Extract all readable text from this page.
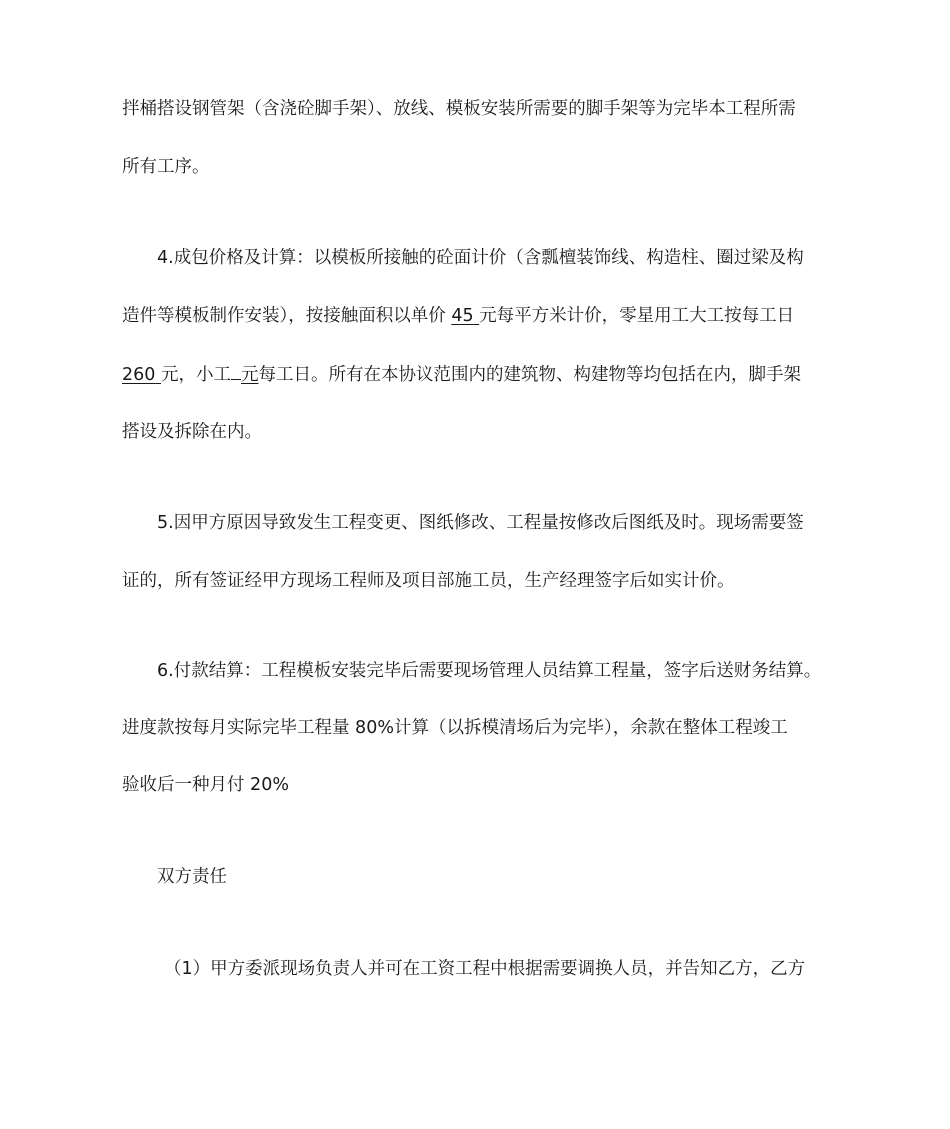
拌桶搭设钢管架（含浇砼脚手架）、放线、模板安装所需要的脚手架等为完毕本工程所需
所有工序。
4.成包价格及计算：以模板所接触的砼面计价（含瓢檀装饰线、构造柱、圈过梁及构
造件等模板制作安装），按接触面积以单价 45 元每平方米计价，零星用工大工按每工日
260 元，小工 元每工日。所有在本协议范围内的建筑物、构建物等均包括在内，脚手架
搭设及拆除在内。
5.因甲方原因导致发生工程变更、图纸修改、工程量按修改后图纸及时。现场需要签
证的，所有签证经甲方现场工程师及项目部施工员，生产经理签字后如实计价。
6.付款结算：工程模板安装完毕后需要现场管理人员结算工程量，签字后送财务结算。
进度款按每月实际完毕工程量 80%计算（以拆模清场后为完毕），余款在整体工程竣工
验收后一种月付 20%
双方责任
（1）甲方委派现场负责人并可在工资工程中根据需要调换人员，并告知乙方，乙方
